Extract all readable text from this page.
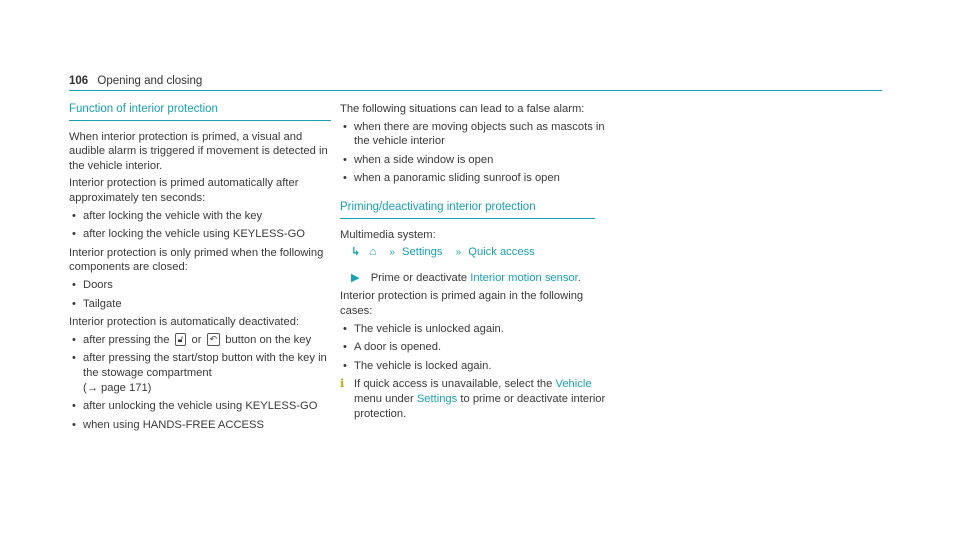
106 Opening and closing
Function of interior protection

When interior protection is primed, a visual and audible alarm is triggered if movement is detected in the vehicle interior.

Interior protection is primed automatically after approximately ten seconds:

• after locking the vehicle with the key
• after locking the vehicle using KEYLESS-GO

Interior protection is only primed when the following components are closed:

• Doors
• Tailgate

Interior protection is automatically deactivated:

• after pressing the 🔓︎ or ↶ button on the key
• after pressing the start/stop button with the key in the stowage compartment
(→ page 171)
• after unlocking the vehicle using KEYLESS-GO
• when using HANDS-FREE ACCESS

The following situations can lead to a false alarm:

• when there are moving objects such as mascots in the vehicle interior
• when a side window is open
• when a panoramic sliding sunroof is open
Priming/deactivating interior protection

Multimedia system:

↳ ⌂ » Settings » Quick access
▶ Prime or deactivate Interior motion sensor.

Interior protection is primed again in the following cases:

• The vehicle is unlocked again.
• A door is opened.
• The vehicle is locked again.
ℹ If quick access is unavailable, select the Vehicle menu under Settings to prime or deactivate interior protection.
